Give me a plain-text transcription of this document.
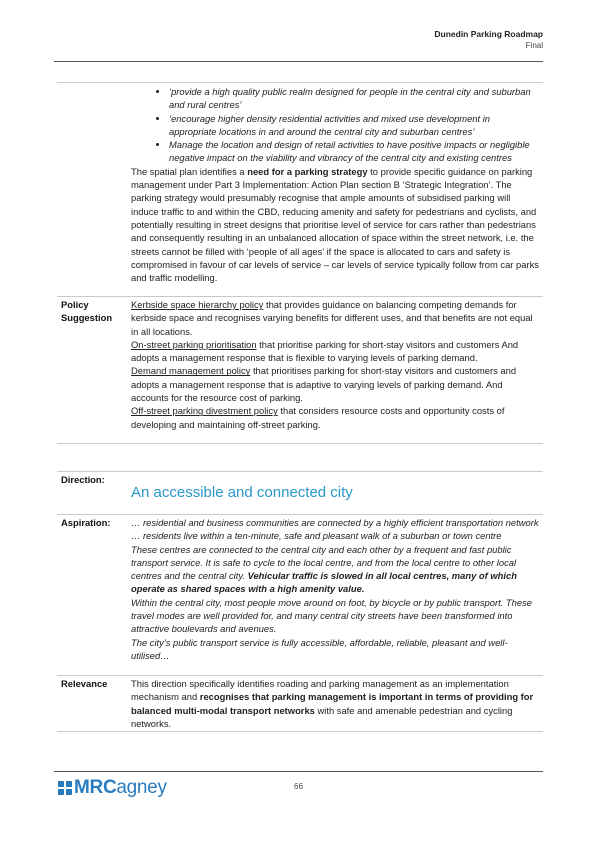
Dunedin Parking Roadmap
Final
• ‘provide a high quality public realm designed for people in the central city and suburban and rural centres’
• ‘encourage higher density residential activities and mixed use development in appropriate locations in and around the central city and suburban centres’
• Manage the location and design of retail activities to have positive impacts or negligible negative impact on the viability and vibrancy of the central city and existing centres

The spatial plan identifies a need for a parking strategy to provide specific guidance on parking management under Part 3 Implementation: Action Plan section B ‘Strategic Integration’. The parking strategy would presumably recognise that ample amounts of subsidised parking will induce traffic to and within the CBD, reducing amenity and safety for pedestrians and cyclists, and potentially resulting in street designs that prioritise level of service for cars rather than pedestrians and consequently resulting in an unbalanced allocation of space within the street network, i.e. the streets cannot be filled with ‘people of all ages’ if the space is allocated to cars and safety is compromised in favour of car levels of service – car levels of service typically follow from car parks and traffic modelling.

Policy
Suggestion

Kerbside space hierarchy policy that provides guidance on balancing competing demands for kerbside space and recognises varying benefits for different uses, and that benefits are not equal in all locations.

On-street parking prioritisation that prioritise parking for short-stay visitors and customers And adopts a management response that is flexible to varying levels of parking demand.

Demand management policy that prioritises parking for short-stay visitors and customers and adopts a management response that is adaptive to varying levels of parking demand. And accounts for the resource cost of parking.

Off-street parking divestment policy that considers resource costs and opportunity costs of developing and maintaining off-street parking.

Direction:
An accessible and connected city
Aspiration: … residential and business communities are connected by a highly efficient transportation network

… residents live within a ten-minute, safe and pleasant walk of a suburban or town centre

These centres are connected to the central city and each other by a frequent and fast public transport service. It is safe to cycle to the local centre, and from the local centre to other local centres and the central city. Vehicular traffic is slowed in all local centres, many of which operate as shared spaces with a high amenity value.

Within the central city, most people move around on foot, by bicycle or by public transport. These travel modes are well provided for, and many central city streets have been transformed into attractive boulevards and avenues.

The city’s public transport service is fully accessible, affordable, reliable, pleasant and well-utilised…

Relevance	This direction specifically identifies roading and parking management as an implementation mechanism and recognises that parking management is important in terms of providing for balanced multi-modal transport networks with safe and amenable pedestrian and cycling networks.

MRCagney	66
